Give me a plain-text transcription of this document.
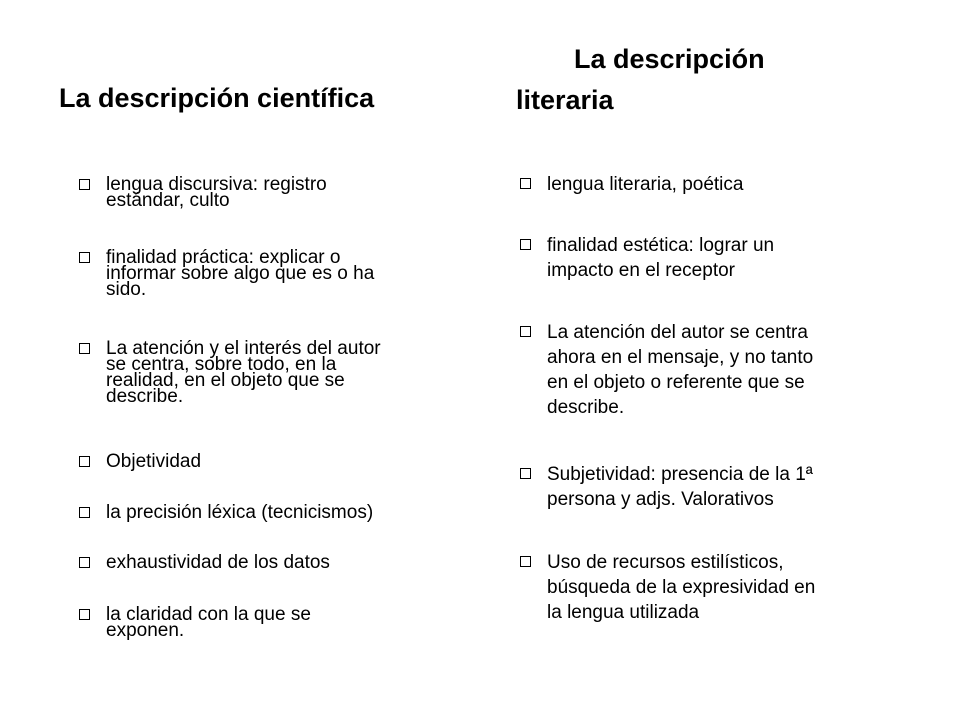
La descripción científica
lengua discursiva: registro
estándar, culto
finalidad práctica: explicar o
informar sobre algo que es o ha
sido.
La atención y el interés del autor
se centra, sobre todo, en la
realidad, en el objeto que se
describe.
Objetividad
la precisión léxica (tecnicismos)
exhaustividad de los datos
la claridad con la que se
exponen.
La descripción
literaria
lengua literaria, poética
finalidad estética: lograr un
impacto en el receptor
La atención del autor se centra
ahora en el mensaje, y no tanto
en el objeto o referente que se
describe.
Subjetividad: presencia de la 1ª
persona y adjs. Valorativos
Uso de recursos estilísticos,
búsqueda de la expresividad en
la lengua utilizada
